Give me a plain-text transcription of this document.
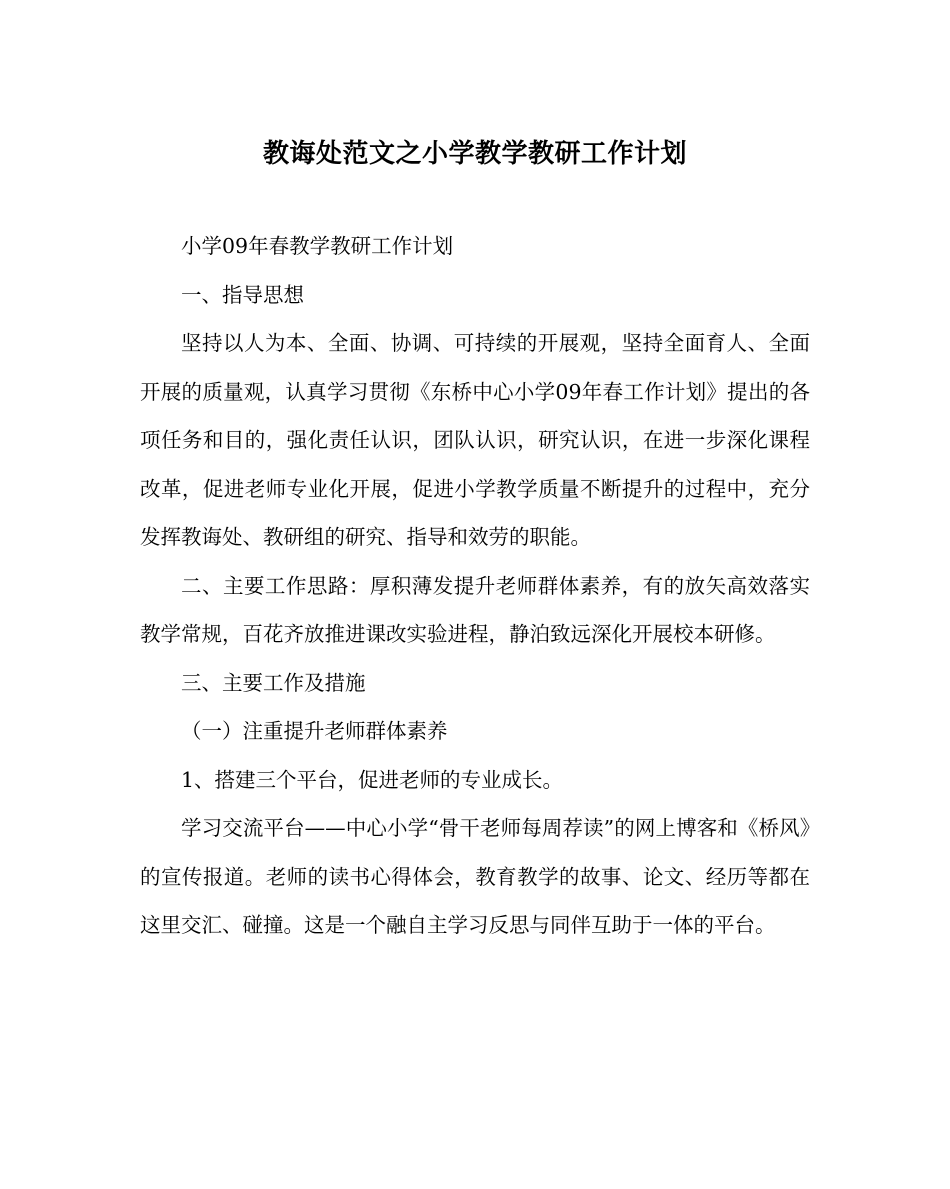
教诲处范文之小学教学教研工作计划

小学09年春教学教研工作计划

一、指导思想

坚持以人为本、全面、协调、可持续的开展观，坚持全面育人、全面开展的质量观，认真学习贯彻《东桥中心小学09年春工作计划》提出的各项任务和目的，强化责任认识，团队认识，研究认识，在进一步深化课程改革，促进老师专业化开展，促进小学教学质量不断提升的过程中，充分发挥教诲处、教研组的研究、指导和效劳的职能。

二、主要工作思路：厚积薄发提升老师群体素养，有的放矢高效落实教学常规，百花齐放推进课改实验进程，静泊致远深化开展校本研修。

三、主要工作及措施

（一）注重提升老师群体素养

1、搭建三个平台，促进老师的专业成长。

学习交流平台——中心小学“骨干老师每周荐读”的网上博客和《桥风》的宣传报道。老师的读书心得体会，教育教学的故事、论文、经历等都在这里交汇、碰撞。这是一个融自主学习反思与同伴互助于一体的平台。
